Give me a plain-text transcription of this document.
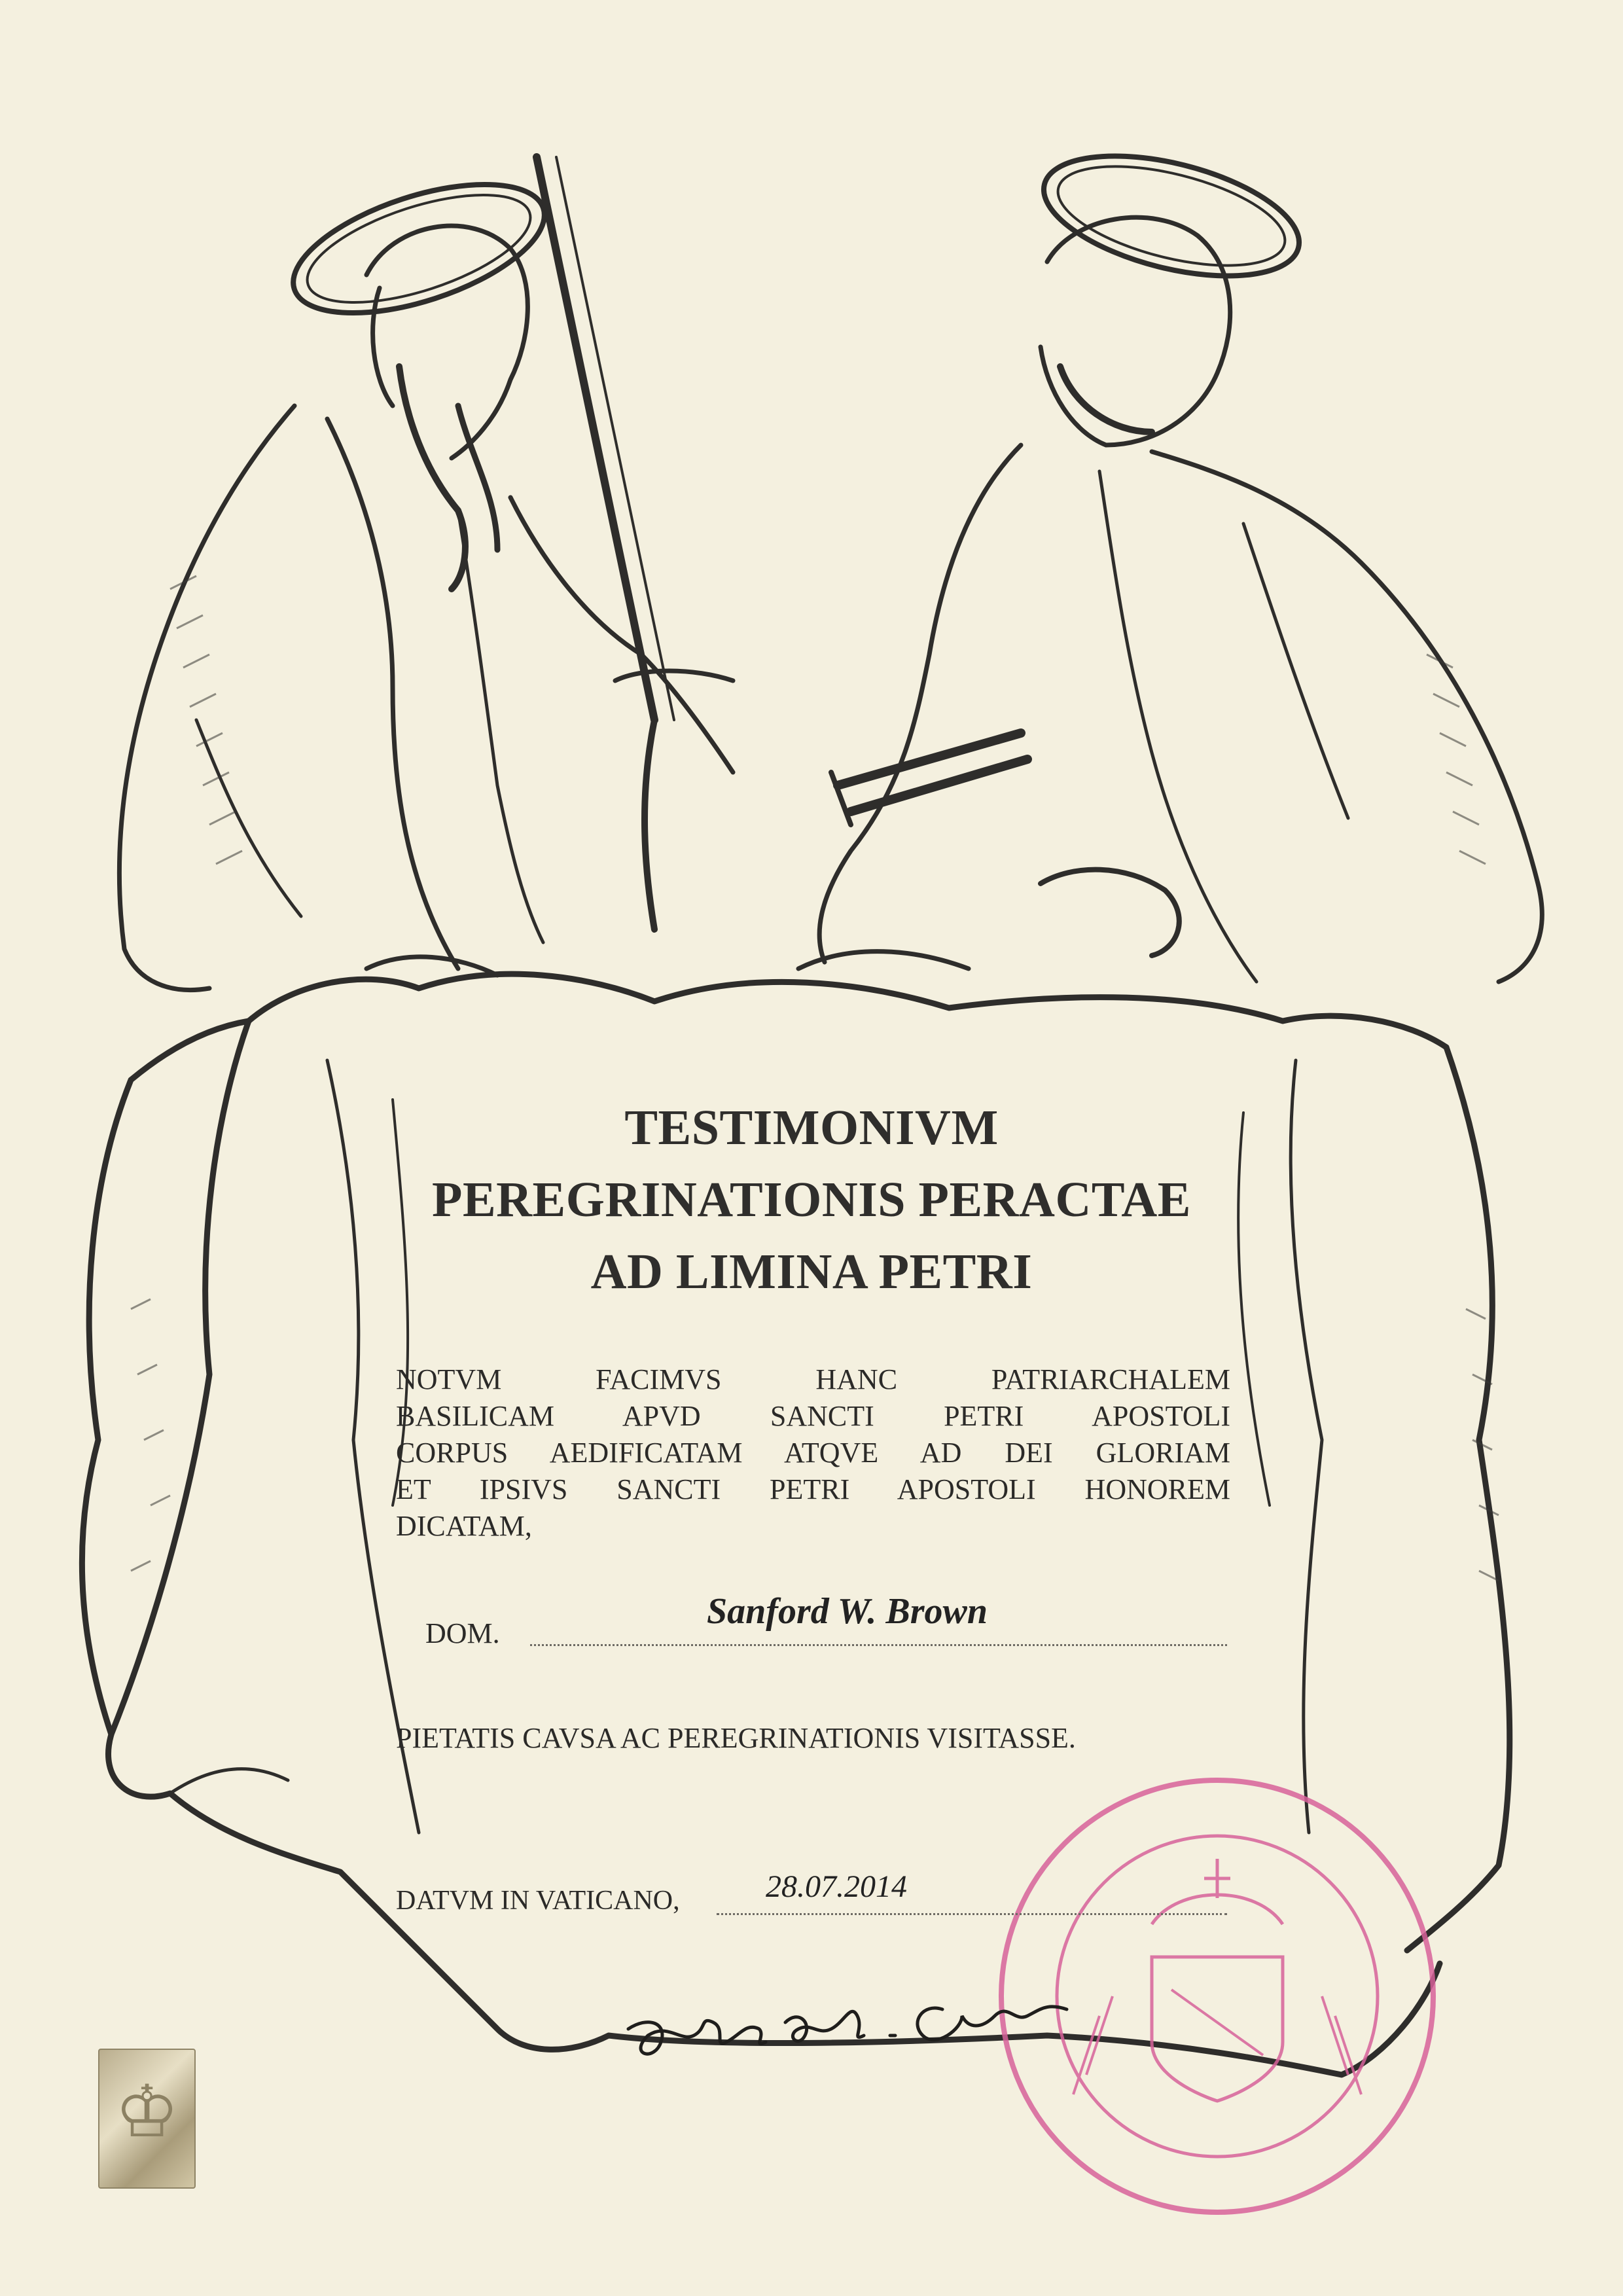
TESTIMONIVM
PEREGRINATIONIS PERACTAE
AD LIMINA PETRI
NOTVM FACIMVS HANC PATRIARCHALEM
BASILICAM APVD SANCTI PETRI APOSTOLI
CORPUS AEDIFICATAM ATQVE AD DEI GLORIAM
ET IPSIVS SANCTI PETRI APOSTOLI HONOREM
DICATAM,
DOM.
Sanford W. Brown
PIETATIS CAVSA AC PEREGRINATIONIS VISITASSE.
DATVM IN VATICANO,	28.07.2014
♔
